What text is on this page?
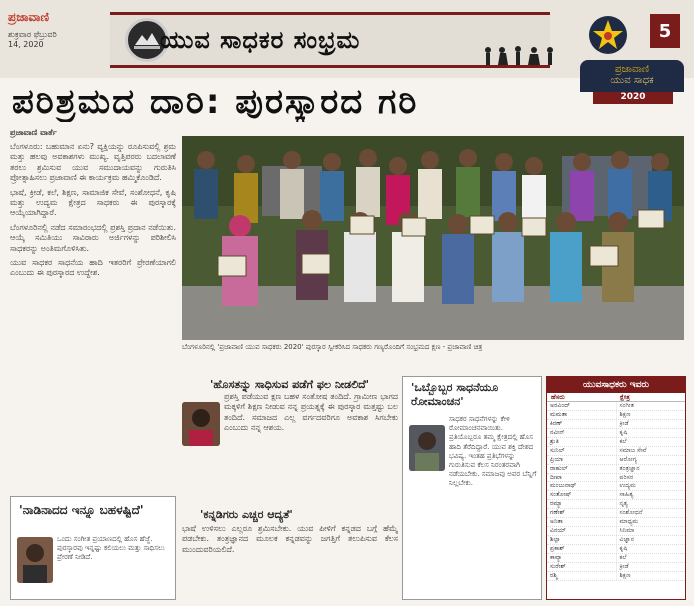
ಪ್ರಜಾವಾಣಿ
ಶುಕ್ರವಾರ ಫೆಬ್ರುವರಿ
14, 2020	ಯುವ ಸಾಧಕರ ಸಂಭ್ರಮ	5
ಪ್ರಜಾವಾಣಿ
ಯುವ ಸಾಧಕ
2020
ಪರಿಶ್ರಮದ ದಾರಿ: ಪುರಸ್ಕಾರದ ಗರಿ
ಪ್ರಜಾವಾಣಿ ವಾರ್ತೆ

ಬೆಂಗಳೂರು: ಬಹುಮಾನ ಏನು? ವ್ಯಕ್ತಿಯನ್ನು ರೂಪಿಸುವಲ್ಲಿ ಶ್ರಮ ಮತ್ತು ಹಲವು ಅವಕಾಶಗಳು ಮುಖ್ಯ. ವೃತ್ತಿಪರರು ಬದಲಾವಣೆ ತರಲು ಶ್ರಮಿಸುವ ಯುವ ಸಮುದಾಯವನ್ನು ಗುರುತಿಸಿ ಪ್ರೋತ್ಸಾಹಿಸಲು ಪ್ರಜಾವಾಣಿ ಈ ಕಾರ್ಯಕ್ರಮ ಹಮ್ಮಿಕೊಂಡಿದೆ.

ಭಾಷೆ, ಕ್ರೀಡೆ, ಕಲೆ, ಶಿಕ್ಷಣ, ಸಾಮಾಜಿಕ ಸೇವೆ, ಸಂಶೋಧನೆ, ಕೃಷಿ ಮತ್ತು ಉದ್ಯಮ ಕ್ಷೇತ್ರದ ಸಾಧಕರು ಈ ಪುರಸ್ಕಾರಕ್ಕೆ ಆಯ್ಕೆಯಾಗಿದ್ದಾರೆ.

ಬೆಂಗಳೂರಿನಲ್ಲಿ ನಡೆದ ಸಮಾರಂಭದಲ್ಲಿ ಪ್ರಶಸ್ತಿ ಪ್ರದಾನ ನಡೆಯಿತು. ಆಯ್ಕೆ ಸಮಿತಿಯು ಸಾವಿರಾರು ಅರ್ಜಿಗಳನ್ನು ಪರಿಶೀಲಿಸಿ ಸಾಧಕರನ್ನು ಅಂತಿಮಗೊಳಿಸಿತು.

ಯುವ ಸಾಧಕರ ಸಾಧನೆಯ ಹಾದಿ ಇತರರಿಗೆ ಪ್ರೇರಣೆಯಾಗಲಿ ಎಂಬುದು ಈ ಪುರಸ್ಕಾರದ ಉದ್ದೇಶ.

ಬೆಂಗಳೂರಿನಲ್ಲಿ 'ಪ್ರಜಾವಾಣಿ ಯುವ ಸಾಧಕರು 2020' ಪುರಸ್ಕಾರ ಸ್ವೀಕರಿಸಿದ ಸಾಧಕರು ಗಣ್ಯರೊಂದಿಗೆ ಸಂಭ್ರಮದ ಕ್ಷಣ - ಪ್ರಜಾವಾಣಿ ಚಿತ್ರ
'ನಾಡಿನಾದದ ಇನ್ನೂ ಬಹಳಷ್ಟಿದೆ'
ಒಂದು ಸಂಗೀತ ಪ್ರಯಾಣದಲ್ಲಿ ಹೊಸ ಹೆಜ್ಜೆ. ಪುರಸ್ಕಾರವು ಇನ್ನಷ್ಟು ಕಲಿಯಲು ಮತ್ತು ಸಾಧಿಸಲು ಪ್ರೇರಣೆ ನೀಡಿದೆ.
'ಹೊಸತನ್ನು ಸಾಧಿಸುವ ಪಡೆಗೆ ಫಲ ನೀಡಲಿದೆ'
ಪ್ರಶಸ್ತಿ ಪಡೆಯುವ ಕ್ಷಣ ಬಹಳ ಸಂತೋಷ ತಂದಿದೆ. ಗ್ರಾಮೀಣ ಭಾಗದ ಮಕ್ಕಳಿಗೆ ಶಿಕ್ಷಣ ನೀಡುವ ನನ್ನ ಪ್ರಯತ್ನಕ್ಕೆ ಈ ಪುರಸ್ಕಾರ ಮತ್ತಷ್ಟು ಬಲ ತಂದಿದೆ. ಸಮಾಜದ ಎಲ್ಲ ವರ್ಗದವರಿಗೂ ಅವಕಾಶ ಸಿಗಬೇಕು ಎಂಬುದು ನನ್ನ ಆಶಯ.
'ಕನ್ನಡಿಗರು ಎಚ್ಚರ ಆದ್ಯತೆ'
ಭಾಷೆ ಉಳಿಸಲು ಎಲ್ಲರೂ ಶ್ರಮಿಸಬೇಕು. ಯುವ ಪೀಳಿಗೆ ಕನ್ನಡದ ಬಗ್ಗೆ ಹೆಮ್ಮೆ ಪಡಬೇಕು. ತಂತ್ರಜ್ಞಾನದ ಮೂಲಕ ಕನ್ನಡವನ್ನು ಜಗತ್ತಿಗೆ ತಲುಪಿಸುವ ಕೆಲಸ ಮುಂದುವರಿಯಲಿದೆ.
'ಒಬ್ಬೊಬ್ಬರ ಸಾಧನೆಯೂ ರೋಮಾಂಚನ'
ಸಾಧಕರ ಸಾಧನೆಗಳನ್ನು ಕೇಳಿ ರೋಮಾಂಚನವಾಯಿತು. ಪ್ರತಿಯೊಬ್ಬರೂ ತಮ್ಮ ಕ್ಷೇತ್ರದಲ್ಲಿ ಹೊಸ ಹಾದಿ ತೆರೆದಿದ್ದಾರೆ. ಯುವ ಶಕ್ತಿ ದೇಶದ ಭವಿಷ್ಯ. ಇಂತಹ ಪ್ರತಿಭೆಗಳನ್ನು ಗುರುತಿಸುವ ಕೆಲಸ ನಿರಂತರವಾಗಿ ನಡೆಯಬೇಕು. ಸಮಾಜವು ಅವರ ಬೆನ್ನಿಗೆ ನಿಲ್ಲಬೇಕು.
ಯುವಸಾಧಕರು ಇವರು
ಹೆಸರು	ಕ್ಷೇತ್ರ
ಅರವಿಂದ್	ಸಂಗೀತ
ಮಮತಾ	ಶಿಕ್ಷಣ
ಕಿರಣ್	ಕ್ರೀಡೆ
ನವೀನ್	ಕೃಷಿ
ಶ್ರುತಿ	ಕಲೆ
ಸುನಿಲ್	ಸಮಾಜ ಸೇವೆ
ಪ್ರಿಯಾ	ಆರೋಗ್ಯ
ರಾಹುಲ್	ತಂತ್ರಜ್ಞಾನ
ದೀಪಾ	ಪರಿಸರ
ಮಂಜುನಾಥ್	ಉದ್ಯಮ
ಸಂತೋಷ್	ಸಾಹಿತ್ಯ
ರಮ್ಯಾ	ನೃತ್ಯ
ಗಣೇಶ್	ಸಂಶೋಧನೆ
ಅನಿತಾ	ಮಾಧ್ಯಮ
ವಿನಯ್	ಸಿನಿಮಾ
ಶಿಲ್ಪಾ	ವಿಜ್ಞಾನ
ಪ್ರಕಾಶ್	ಕೃಷಿ
ಕಾವ್ಯಾ	ಕಲೆ
ಸುರೇಶ್	ಕ್ರೀಡೆ
ರಶ್ಮಿ	ಶಿಕ್ಷಣ
